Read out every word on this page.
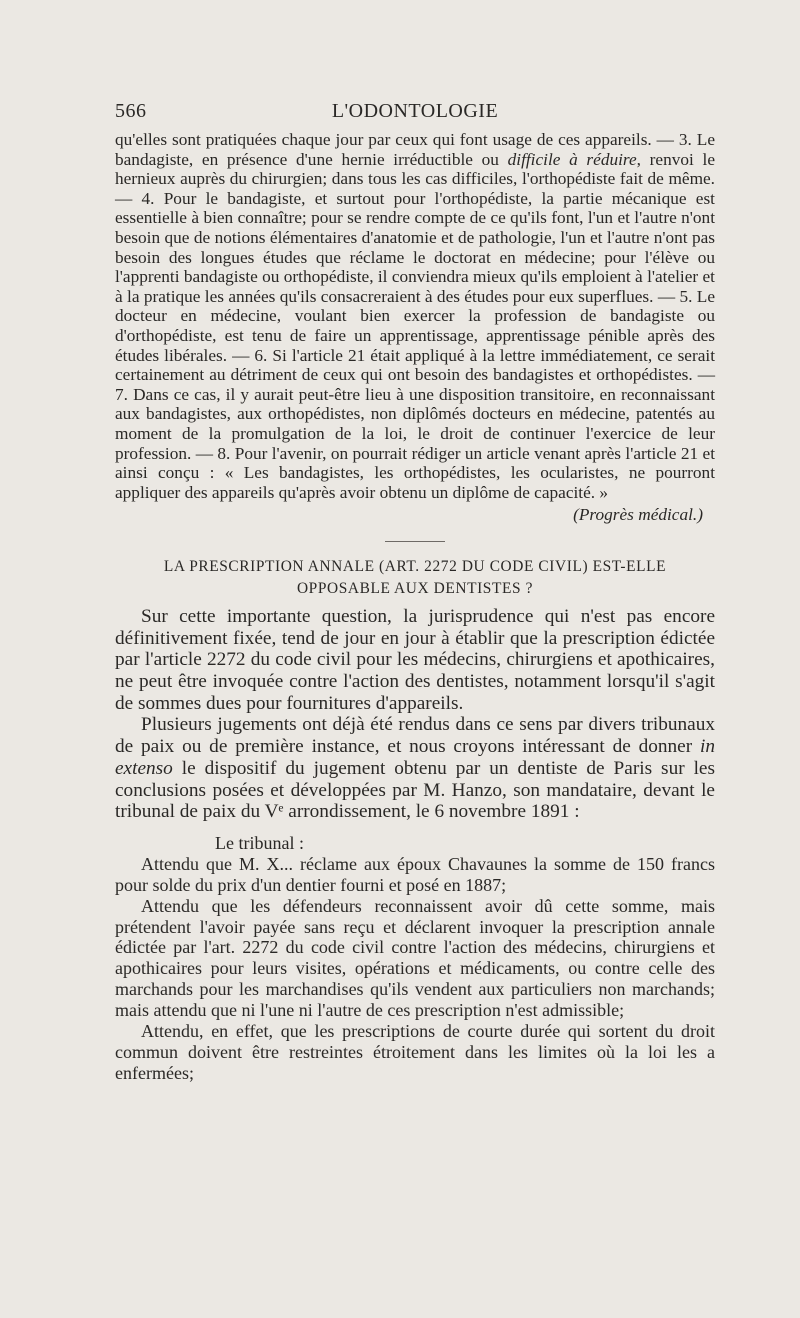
566	L'ODONTOLOGIE

qu'elles sont pratiquées chaque jour par ceux qui font usage de ces appareils. — 3. Le bandagiste, en présence d'une hernie irréductible ou difficile à réduire, renvoi le hernieux auprès du chirurgien; dans tous les cas difficiles, l'orthopédiste fait de même. — 4. Pour le bandagiste, et surtout pour l'orthopédiste, la partie mécanique est essentielle à bien connaître; pour se rendre compte de ce qu'ils font, l'un et l'autre n'ont besoin que de notions élémentaires d'anatomie et de pathologie, l'un et l'autre n'ont pas besoin des longues études que réclame le doctorat en médecine; pour l'élève ou l'apprenti bandagiste ou orthopédiste, il conviendra mieux qu'ils emploient à l'atelier et à la pratique les années qu'ils consacreraient à des études pour eux superflues. — 5. Le docteur en médecine, voulant bien exercer la profession de bandagiste ou d'orthopédiste, est tenu de faire un apprentissage, apprentissage pénible après des études libérales. — 6. Si l'article 21 était appliqué à la lettre immédiatement, ce serait certainement au détriment de ceux qui ont besoin des bandagistes et orthopédistes. — 7. Dans ce cas, il y aurait peut-être lieu à une disposition transitoire, en reconnaissant aux bandagistes, aux orthopédistes, non diplômés docteurs en médecine, patentés au moment de la promulgation de la loi, le droit de continuer l'exercice de leur profession. — 8. Pour l'avenir, on pourrait rédiger un article venant après l'article 21 et ainsi conçu : « Les bandagistes, les orthopédistes, les ocularistes, ne pourront appliquer des appareils qu'après avoir obtenu un diplôme de capacité. »

(Progrès médical.)

LA PRESCRIPTION ANNALE (ART. 2272 DU CODE CIVIL) EST-ELLE OPPOSABLE AUX DENTISTES ?

Sur cette importante question, la jurisprudence qui n'est pas encore définitivement fixée, tend de jour en jour à établir que la prescription édictée par l'article 2272 du code civil pour les médecins, chirurgiens et apothicaires, ne peut être invoquée contre l'action des dentistes, notamment lorsqu'il s'agit de sommes dues pour fournitures d'appareils.

Plusieurs jugements ont déjà été rendus dans ce sens par divers tribunaux de paix ou de première instance, et nous croyons intéressant de donner in extenso le dispositif du jugement obtenu par un dentiste de Paris sur les conclusions posées et développées par M. Hanzo, son mandataire, devant le tribunal de paix du Vᵉ arrondissement, le 6 novembre 1891 :

Le tribunal :

Attendu que M. X... réclame aux époux Chavaunes la somme de 150 francs pour solde du prix d'un dentier fourni et posé en 1887;

Attendu que les défendeurs reconnaissent avoir dû cette somme, mais prétendent l'avoir payée sans reçu et déclarent invoquer la prescription annale édictée par l'art. 2272 du code civil contre l'action des médecins, chirurgiens et apothicaires pour leurs visites, opérations et médicaments, ou contre celle des marchands pour les marchandises qu'ils vendent aux particuliers non marchands; mais attendu que ni l'une ni l'autre de ces prescription n'est admissible;

Attendu, en effet, que les prescriptions de courte durée qui sortent du droit commun doivent être restreintes étroitement dans les limites où la loi les a enfermées;
